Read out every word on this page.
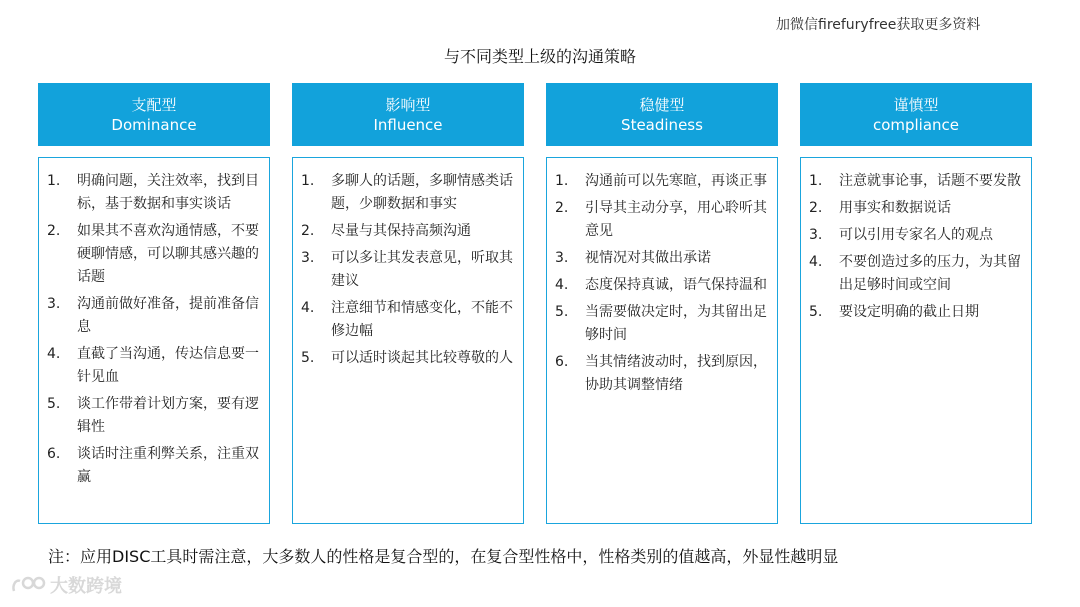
加微信firefuryfree获取更多资料
与不同类型上级的沟通策略
支配型
Dominance
1.	明确问题，关注效率，找到目标，基于数据和事实谈话
2.	如果其不喜欢沟通情感，不要硬聊情感，可以聊其感兴趣的话题
3.	沟通前做好准备，提前准备信息
4.	直截了当沟通，传达信息要一针见血
5.	谈工作带着计划方案，要有逻辑性
6.	谈话时注重利弊关系，注重双赢
影响型
Influence
1.	多聊人的话题，多聊情感类话题，少聊数据和事实
2.	尽量与其保持高频沟通
3.	可以多让其发表意见，听取其建议
4.	注意细节和情感变化，不能不修边幅
5.	可以适时谈起其比较尊敬的人
稳健型
Steadiness
1.	沟通前可以先寒暄，再谈正事
2.	引导其主动分享，用心聆听其意见
3.	视情况对其做出承诺
4.	态度保持真诚，语气保持温和
5.	当需要做决定时，为其留出足够时间
6.	当其情绪波动时，找到原因，协助其调整情绪
谨慎型
compliance
1.	注意就事论事，话题不要发散
2.	用事实和数据说话
3.	可以引用专家名人的观点
4.	不要创造过多的压力，为其留出足够时间或空间
5.	要设定明确的截止日期
注：应用DISC工具时需注意，大多数人的性格是复合型的，在复合型性格中，性格类别的值越高，外显性越明显
大数跨境
